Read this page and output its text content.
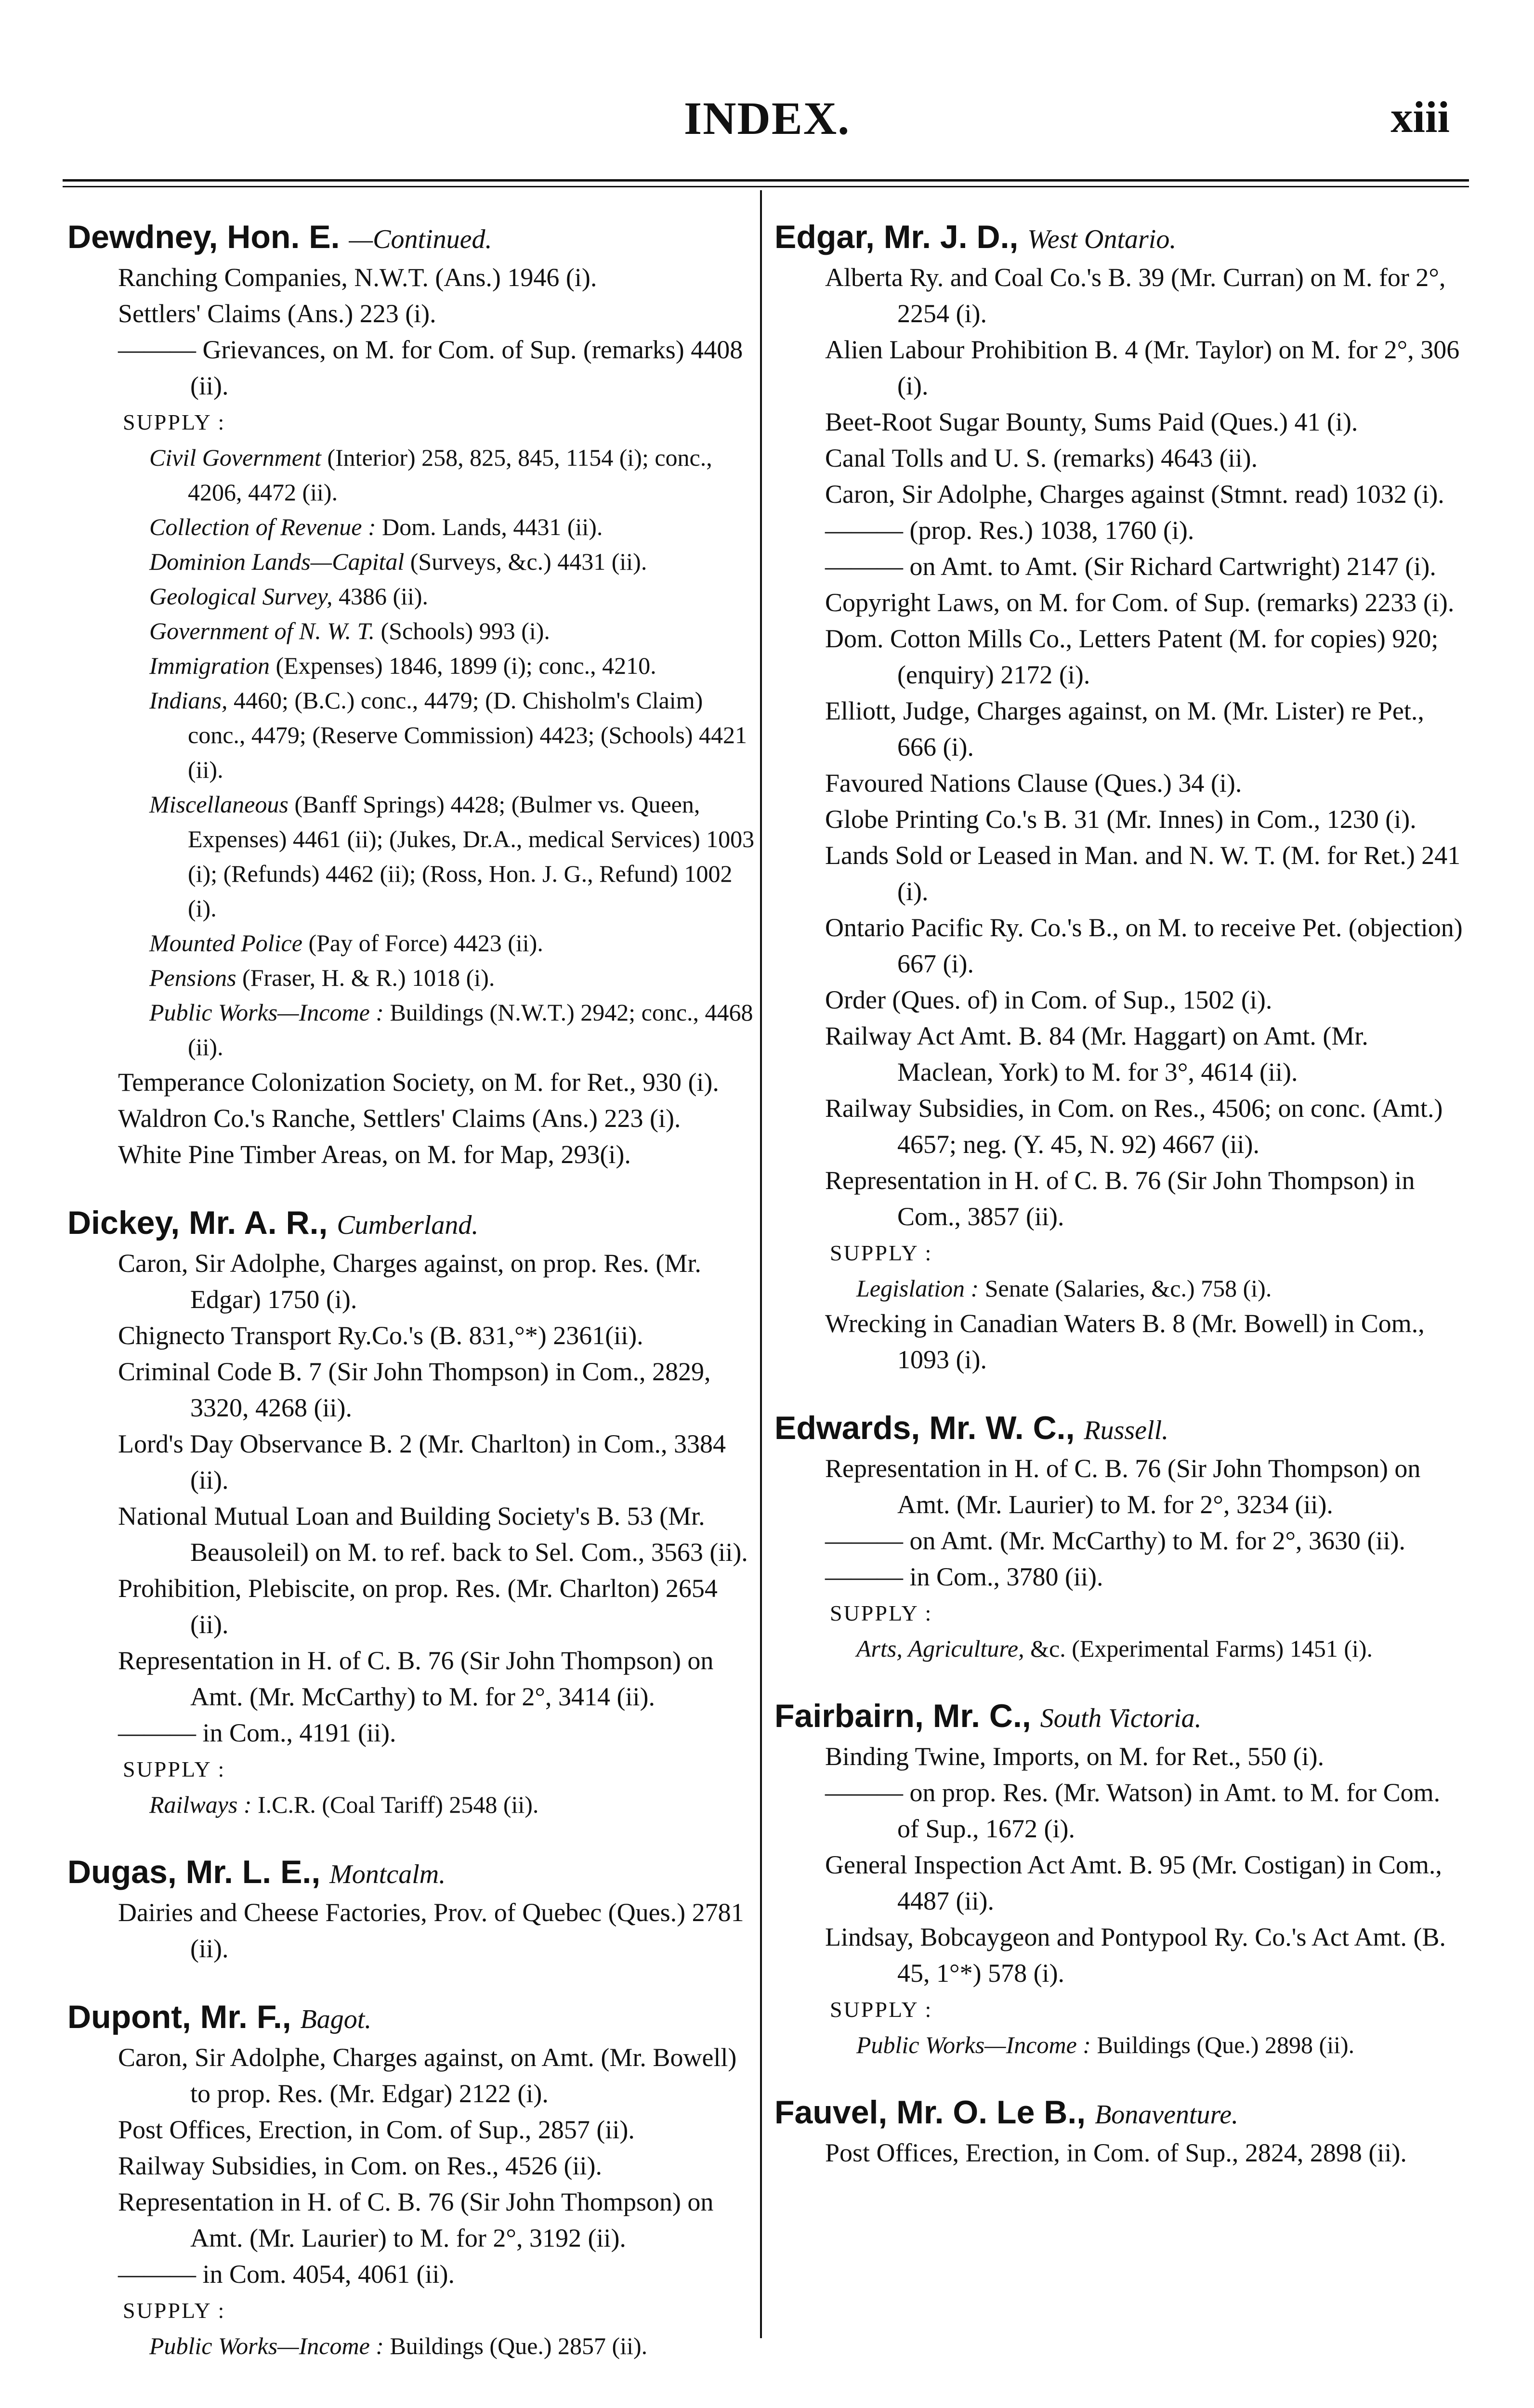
INDEX.	xiii
Dewdney, Hon. E. —Continued.
Ranching Companies, N.W.T. (Ans.) 1946 (i).
Settlers' Claims (Ans.) 223 (i).
——— Grievances, on M. for Com. of Sup. (remarks) 4408 (ii).
SUPPLY :
Civil Government (Interior) 258, 825, 845, 1154 (i); conc., 4206, 4472 (ii).
Collection of Revenue : Dom. Lands, 4431 (ii).
Dominion Lands—Capital (Surveys, &c.) 4431 (ii).
Geological Survey, 4386 (ii).
Government of N. W. T. (Schools) 993 (i).
Immigration (Expenses) 1846, 1899 (i); conc., 4210.
Indians, 4460; (B.C.) conc., 4479; (D. Chisholm's Claim) conc., 4479; (Reserve Commission) 4423; (Schools) 4421 (ii).
Miscellaneous (Banff Springs) 4428; (Bulmer vs. Queen, Expenses) 4461 (ii); (Jukes, Dr.A., medical Services) 1003 (i); (Refunds) 4462 (ii); (Ross, Hon. J. G., Refund) 1002 (i).
Mounted Police (Pay of Force) 4423 (ii).
Pensions (Fraser, H. & R.) 1018 (i).
Public Works—Income : Buildings (N.W.T.) 2942; conc., 4468 (ii).
Temperance Colonization Society, on M. for Ret., 930 (i).
Waldron Co.'s Ranche, Settlers' Claims (Ans.) 223 (i).
White Pine Timber Areas, on M. for Map, 293(i).
Dickey, Mr. A. R., Cumberland.
Caron, Sir Adolphe, Charges against, on prop. Res. (Mr. Edgar) 1750 (i).
Chignecto Transport Ry.Co.'s (B. 831,°*) 2361(ii).
Criminal Code B. 7 (Sir John Thompson) in Com., 2829, 3320, 4268 (ii).
Lord's Day Observance B. 2 (Mr. Charlton) in Com., 3384 (ii).
National Mutual Loan and Building Society's B. 53 (Mr. Beausoleil) on M. to ref. back to Sel. Com., 3563 (ii).
Prohibition, Plebiscite, on prop. Res. (Mr. Charlton) 2654 (ii).
Representation in H. of C. B. 76 (Sir John Thompson) on Amt. (Mr. McCarthy) to M. for 2°, 3414 (ii).
——— in Com., 4191 (ii).
SUPPLY :
Railways : I.C.R. (Coal Tariff) 2548 (ii).
Dugas, Mr. L. E., Montcalm.
Dairies and Cheese Factories, Prov. of Quebec (Ques.) 2781 (ii).
Dupont, Mr. F., Bagot.
Caron, Sir Adolphe, Charges against, on Amt. (Mr. Bowell) to prop. Res. (Mr. Edgar) 2122 (i).
Post Offices, Erection, in Com. of Sup., 2857 (ii).
Railway Subsidies, in Com. on Res., 4526 (ii).
Representation in H. of C. B. 76 (Sir John Thompson) on Amt. (Mr. Laurier) to M. for 2°, 3192 (ii).
——— in Com. 4054, 4061 (ii).
SUPPLY :
Public Works—Income : Buildings (Que.) 2857 (ii).
Edgar, Mr. J. D., West Ontario.
Alberta Ry. and Coal Co.'s B. 39 (Mr. Curran) on M. for 2°, 2254 (i).
Alien Labour Prohibition B. 4 (Mr. Taylor) on M. for 2°, 306 (i).
Beet-Root Sugar Bounty, Sums Paid (Ques.) 41 (i).
Canal Tolls and U. S. (remarks) 4643 (ii).
Caron, Sir Adolphe, Charges against (Stmnt. read) 1032 (i).
——— (prop. Res.) 1038, 1760 (i).
——— on Amt. to Amt. (Sir Richard Cartwright) 2147 (i).
Copyright Laws, on M. for Com. of Sup. (remarks) 2233 (i).
Dom. Cotton Mills Co., Letters Patent (M. for copies) 920; (enquiry) 2172 (i).
Elliott, Judge, Charges against, on M. (Mr. Lister) re Pet., 666 (i).
Favoured Nations Clause (Ques.) 34 (i).
Globe Printing Co.'s B. 31 (Mr. Innes) in Com., 1230 (i).
Lands Sold or Leased in Man. and N. W. T. (M. for Ret.) 241 (i).
Ontario Pacific Ry. Co.'s B., on M. to receive Pet. (objection) 667 (i).
Order (Ques. of) in Com. of Sup., 1502 (i).
Railway Act Amt. B. 84 (Mr. Haggart) on Amt. (Mr. Maclean, York) to M. for 3°, 4614 (ii).
Railway Subsidies, in Com. on Res., 4506; on conc. (Amt.) 4657; neg. (Y. 45, N. 92) 4667 (ii).
Representation in H. of C. B. 76 (Sir John Thompson) in Com., 3857 (ii).
SUPPLY :
Legislation : Senate (Salaries, &c.) 758 (i).
Wrecking in Canadian Waters B. 8 (Mr. Bowell) in Com., 1093 (i).
Edwards, Mr. W. C., Russell.
Representation in H. of C. B. 76 (Sir John Thompson) on Amt. (Mr. Laurier) to M. for 2°, 3234 (ii).
——— on Amt. (Mr. McCarthy) to M. for 2°, 3630 (ii).
——— in Com., 3780 (ii).
SUPPLY :
Arts, Agriculture, &c. (Experimental Farms) 1451 (i).
Fairbairn, Mr. C., South Victoria.
Binding Twine, Imports, on M. for Ret., 550 (i).
——— on prop. Res. (Mr. Watson) in Amt. to M. for Com. of Sup., 1672 (i).
General Inspection Act Amt. B. 95 (Mr. Costigan) in Com., 4487 (ii).
Lindsay, Bobcaygeon and Pontypool Ry. Co.'s Act Amt. (B. 45, 1°*) 578 (i).
SUPPLY :
Public Works—Income : Buildings (Que.) 2898 (ii).
Fauvel, Mr. O. Le B., Bonaventure.
Post Offices, Erection, in Com. of Sup., 2824, 2898 (ii).
